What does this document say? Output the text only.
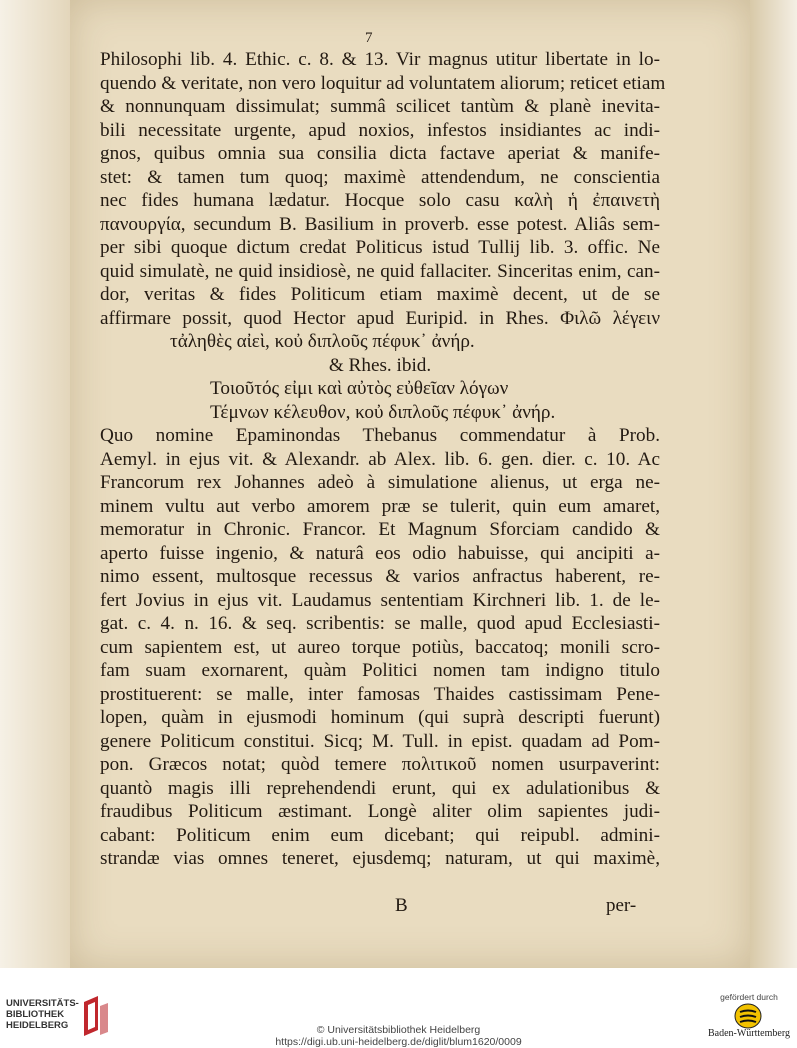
7
Philosophi lib. 4. Ethic. c. 8. & 13. Vir magnus utitur libertate in lo-
quendo & veritate, non vero loquitur ad voluntatem aliorum; reticet etiam
& nonnunquam dissimulat; summâ scilicet tantùm & planè inevita-
bili necessitate urgente, apud noxios, infestos insidiantes ac indi-
gnos, quibus omnia sua consilia dicta factave aperiat & manife-
stet: & tamen tum quoq; maximè attendendum, ne conscientia
nec fides humana lædatur. Hocque solo casu καλὴ ἡ ἐπαινετὴ
πανουργία, secundum B. Basilium in proverb. esse potest. Aliâs sem-
per sibi quoque dictum credat Politicus istud Tullij lib. 3. offic. Ne
quid simulatè, ne quid insidiosè, ne quid fallaciter. Sinceritas enim, can-
dor, veritas & fides Politicum etiam maximè decent, ut de se
affirmare possit, quod Hector apud Euripid. in Rhes. Φιλῶ λέγειν
τἀληθὲς αἰεὶ, κοὐ διπλοῦς πέφυκ᾽ ἀνήρ.
& Rhes. ibid.
Τοιοῦτός εἰμι καὶ αὐτὸς εὐθεῖαν λόγων
Τέμνων κέλευθον, κοὐ διπλοῦς πέφυκ᾽ ἀνήρ.
Quo nomine Epaminondas Thebanus commendatur à Prob.
Aemyl. in ejus vit. & Alexandr. ab Alex. lib. 6. gen. dier. c. 10. Ac
Francorum rex Johannes adeò à simulatione alienus, ut erga ne-
minem vultu aut verbo amorem præ se tulerit, quin eum amaret,
memoratur in Chronic. Francor. Et Magnum Sforciam candido &
aperto fuisse ingenio, & naturâ eos odio habuisse, qui ancipiti a-
nimo essent, multosque recessus & varios anfractus haberent, re-
fert Jovius in ejus vit. Laudamus sententiam Kirchneri lib. 1. de le-
gat. c. 4. n. 16. & seq. scribentis: se malle, quod apud Ecclesiasti-
cum sapientem est, ut aureo torque potiùs, baccatoq; monili scro-
fam suam exornarent, quàm Politici nomen tam indigno titulo
prostituerent: se malle, inter famosas Thaides castissimam Pene-
lopen, quàm in ejusmodi hominum (qui suprà descripti fuerunt)
genere Politicum constitui. Sicq; M. Tull. in epist. quadam ad Pom-
pon. Græcos notat; quòd temere πολιτικοῦ nomen usurpaverint:
quantò magis illi reprehendendi erunt, qui ex adulationibus &
fraudibus Politicum æstimant. Longè aliter olim sapientes judi-
cabant: Politicum enim eum dicebant; qui reipubl. admini-
strandæ vias omnes teneret, ejusdemq; naturam, ut qui maximè,
B	per-
UNIVERSITÄTS-
BIBLIOTHEK
HEIDELBERG	© Universitätsbibliothek Heidelberg
https://digi.ub.uni-heidelberg.de/diglit/blum1620/0009
gefördert durch
Baden-Württemberg
